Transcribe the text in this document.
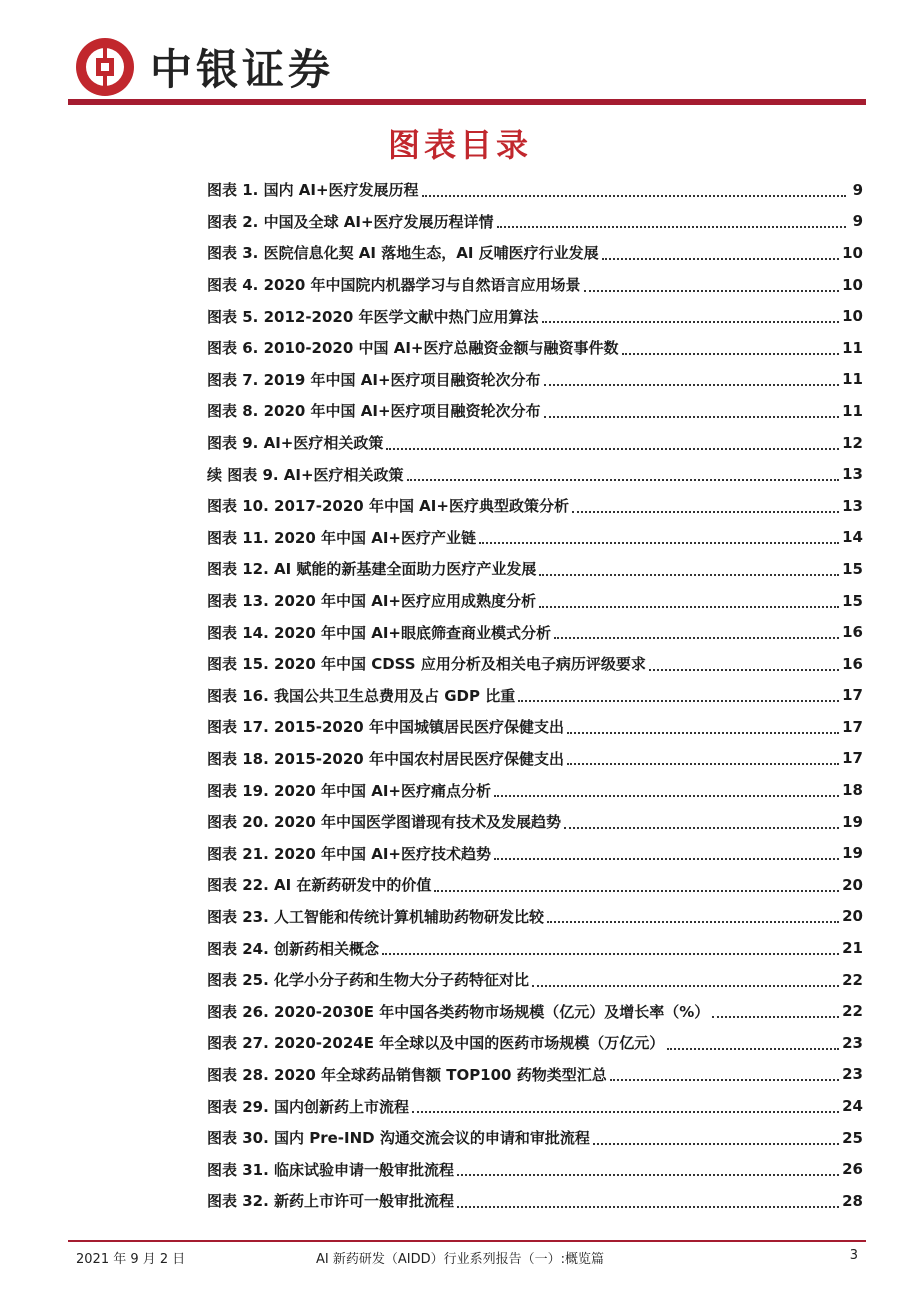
中银证券
图表目录
图表 1. 国内 AI+医疗发展历程	9
图表 2. 中国及全球 AI+医疗发展历程详情	9
图表 3. 医院信息化契 AI 落地生态，AI 反哺医疗行业发展	10
图表 4. 2020 年中国院内机器学习与自然语言应用场景	10
图表 5. 2012-2020 年医学文献中热门应用算法	10
图表 6. 2010-2020 中国 AI+医疗总融资金额与融资事件数	11
图表 7. 2019 年中国 AI+医疗项目融资轮次分布	11
图表 8. 2020 年中国 AI+医疗项目融资轮次分布	11
图表 9. AI+医疗相关政策	12
续 图表 9. AI+医疗相关政策	13
图表 10. 2017-2020 年中国 AI+医疗典型政策分析	13
图表 11. 2020 年中国 AI+医疗产业链	14
图表 12. AI 赋能的新基建全面助力医疗产业发展	15
图表 13. 2020 年中国 AI+医疗应用成熟度分析	15
图表 14. 2020 年中国 AI+眼底筛查商业模式分析	16
图表 15. 2020 年中国 CDSS 应用分析及相关电子病历评级要求	16
图表 16. 我国公共卫生总费用及占 GDP 比重	17
图表 17. 2015-2020 年中国城镇居民医疗保健支出	17
图表 18. 2015-2020 年中国农村居民医疗保健支出	17
图表 19. 2020 年中国 AI+医疗痛点分析	18
图表 20. 2020 年中国医学图谱现有技术及发展趋势	19
图表 21. 2020 年中国 AI+医疗技术趋势	19
图表 22. AI 在新药研发中的价值	20
图表 23. 人工智能和传统计算机辅助药物研发比较	20
图表 24. 创新药相关概念	21
图表 25. 化学小分子药和生物大分子药特征对比	22
图表 26. 2020-2030E 年中国各类药物市场规模（亿元）及增长率（%）	22
图表 27. 2020-2024E 年全球以及中国的医药市场规模（万亿元）	23
图表 28. 2020 年全球药品销售额 TOP100 药物类型汇总	23
图表 29. 国内创新药上市流程	24
图表 30. 国内 Pre-IND 沟通交流会议的申请和审批流程	25
图表 31. 临床试验申请一般审批流程	26
图表 32. 新药上市许可一般审批流程	28
2021 年 9 月 2 日	AI 新药研发（AIDD）行业系列报告（一）:概览篇	3
